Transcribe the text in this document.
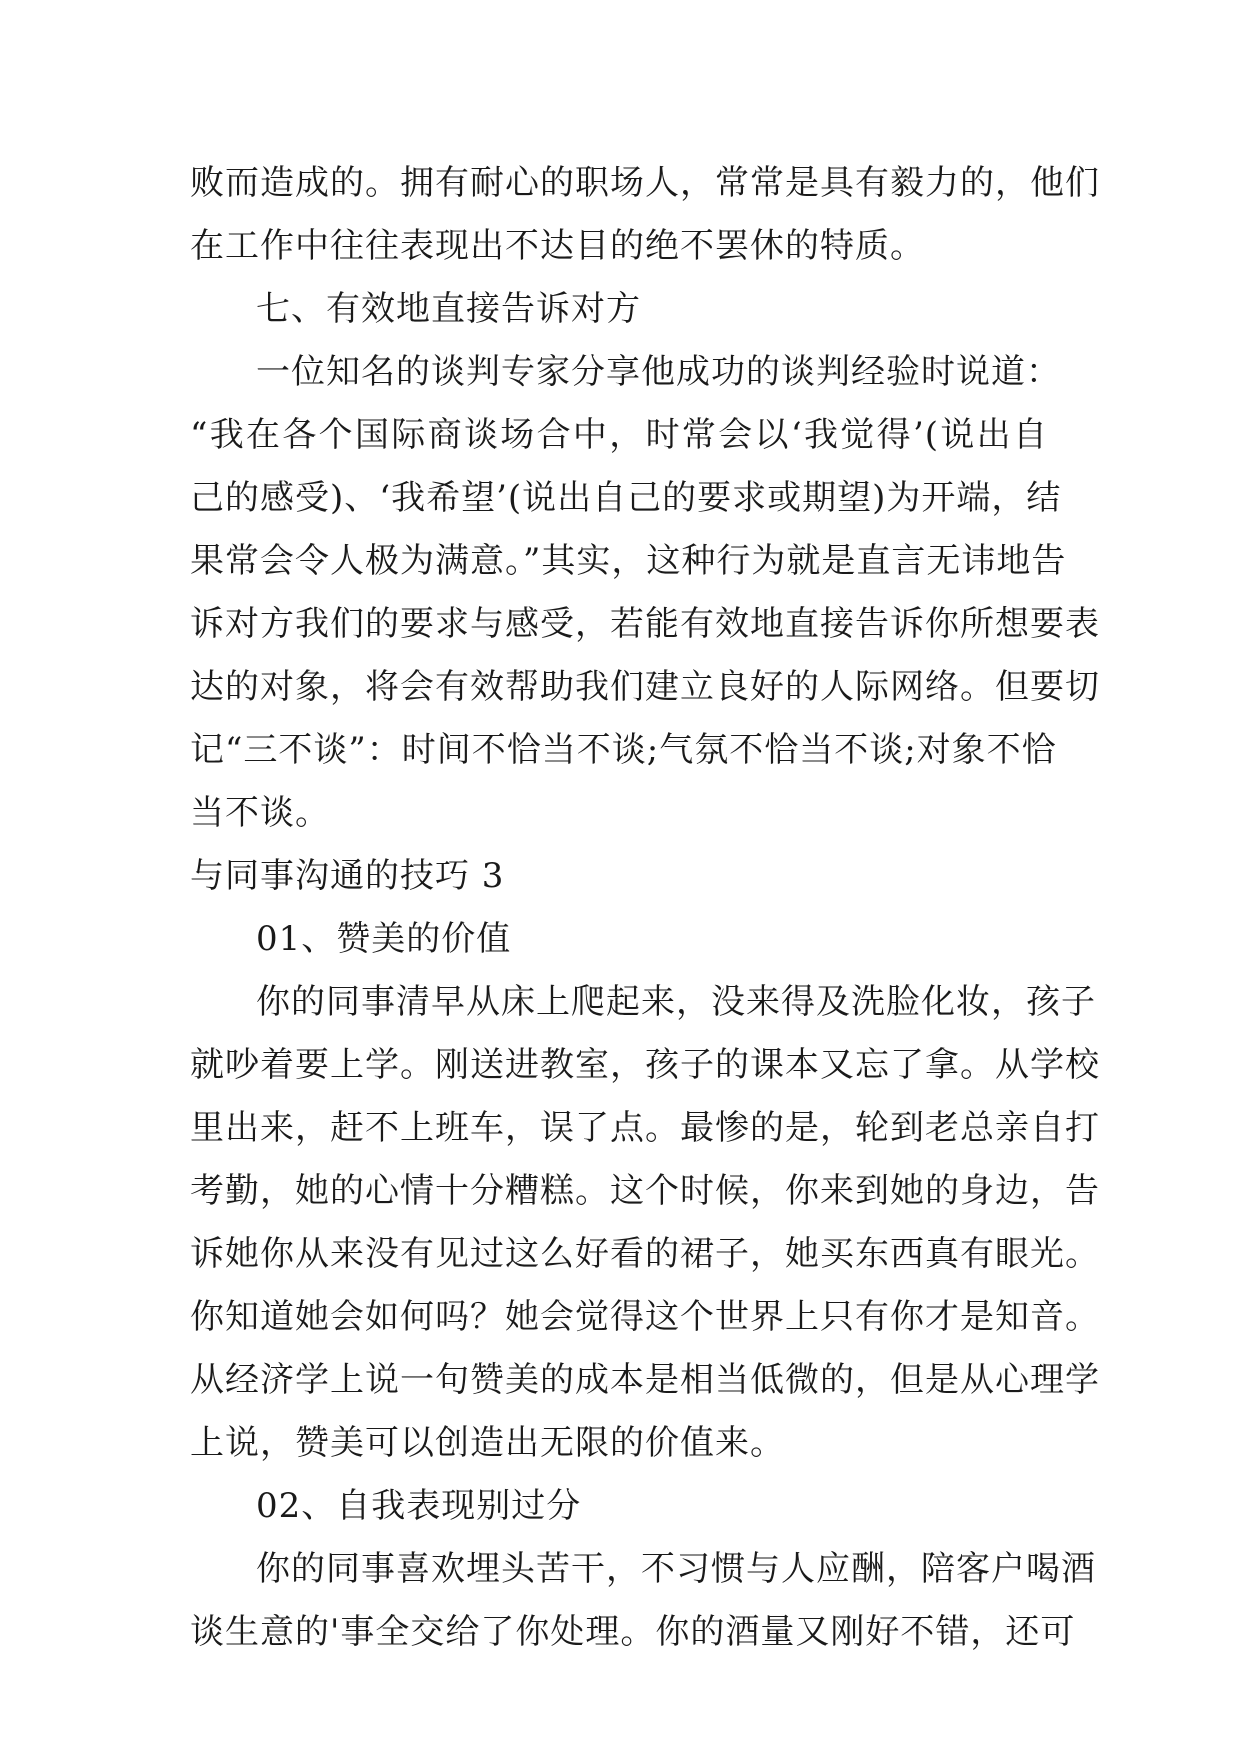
败而造成的。拥有耐心的职场人，常常是具有毅力的，他们
在工作中往往表现出不达目的绝不罢休的特质。
七、有效地直接告诉对方
一位知名的谈判专家分享他成功的谈判经验时说道：
“我在各个国际商谈场合中，时常会以‘我觉得’(说出自
己的感受)、‘我希望’(说出自己的要求或期望)为开端，结
果常会令人极为满意。”其实，这种行为就是直言无讳地告
诉对方我们的要求与感受，若能有效地直接告诉你所想要表
达的对象，将会有效帮助我们建立良好的人际网络。但要切
记“三不谈”：时间不恰当不谈;气氛不恰当不谈;对象不恰
当不谈。
与同事沟通的技巧 3
01、赞美的价值
你的同事清早从床上爬起来，没来得及洗脸化妆，孩子
就吵着要上学。刚送进教室，孩子的课本又忘了拿。从学校
里出来，赶不上班车，误了点。最惨的是，轮到老总亲自打
考勤，她的心情十分糟糕。这个时候，你来到她的身边，告
诉她你从来没有见过这么好看的裙子，她买东西真有眼光。
你知道她会如何吗？她会觉得这个世界上只有你才是知音。
从经济学上说一句赞美的成本是相当低微的，但是从心理学
上说，赞美可以创造出无限的价值来。
02、自我表现别过分
你的同事喜欢埋头苦干，不习惯与人应酬，陪客户喝酒
谈生意的'事全交给了你处理。你的酒量又刚好不错，还可
